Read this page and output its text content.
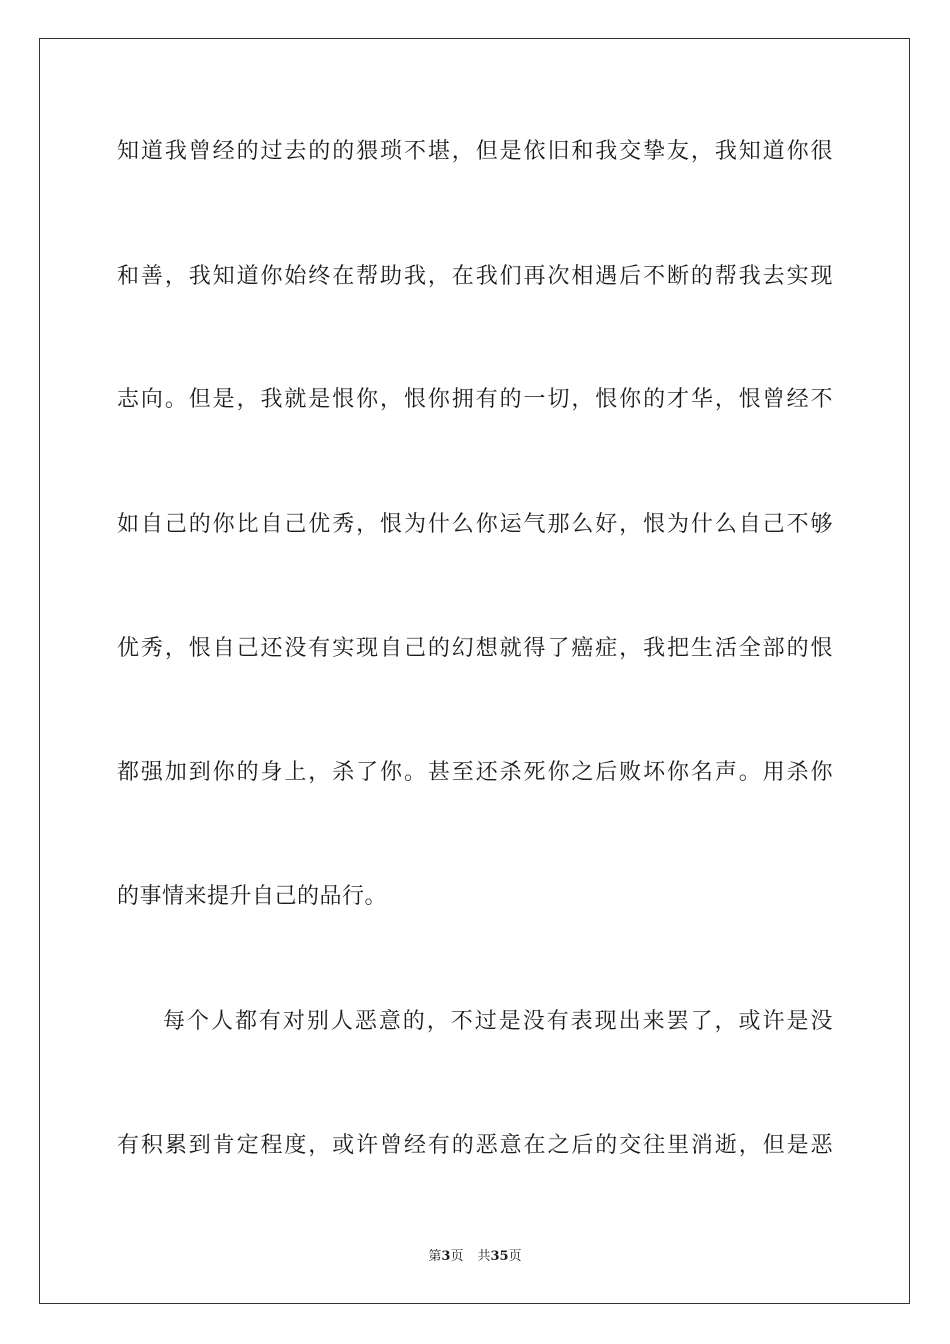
知道我曾经的过去的的猥琐不堪，但是依旧和我交挚友，我知道你很
和善，我知道你始终在帮助我，在我们再次相遇后不断的帮我去实现
志向。但是，我就是恨你，恨你拥有的一切，恨你的才华，恨曾经不
如自己的你比自己优秀，恨为什么你运气那么好，恨为什么自己不够
优秀，恨自己还没有实现自己的幻想就得了癌症，我把生活全部的恨
都强加到你的身上，杀了你。甚至还杀死你之后败坏你名声。用杀你
的事情来提升自己的品行。
每个人都有对别人恶意的，不过是没有表现出来罢了，或许是没
有积累到肯定程度，或许曾经有的恶意在之后的交往里消逝，但是恶
第3页 共35页
